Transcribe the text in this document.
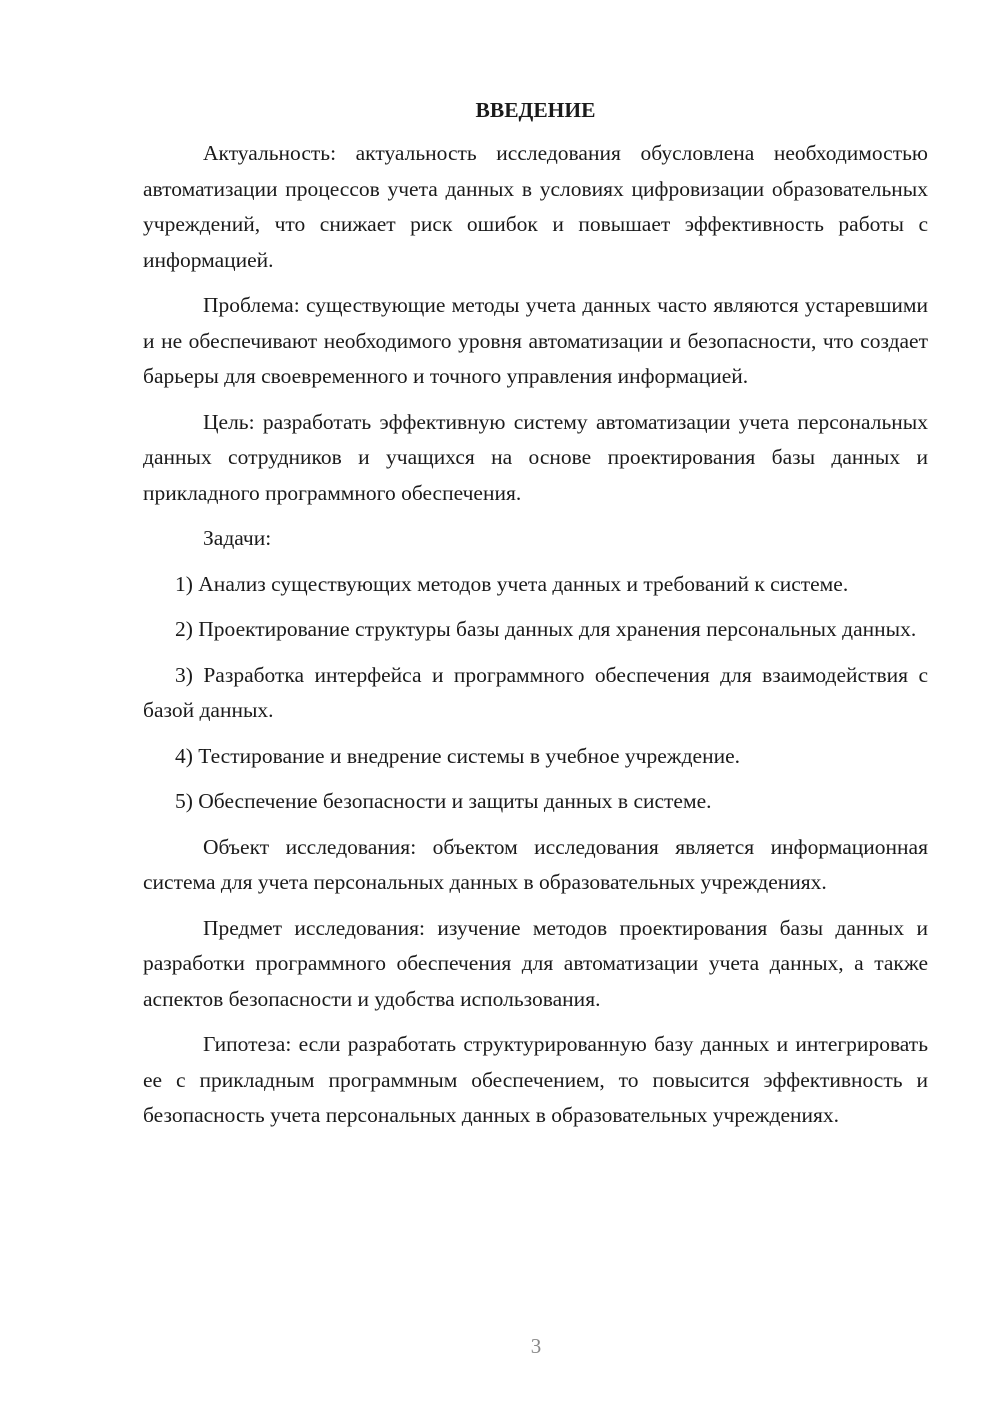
ВВЕДЕНИЕ

Актуальность: актуальность исследования обусловлена необходимостью автоматизации процессов учета данных в условиях цифровизации образовательных учреждений, что снижает риск ошибок и повышает эффективность работы с информацией.

Проблема: существующие методы учета данных часто являются устаревшими и не обеспечивают необходимого уровня автоматизации и безопасности, что создает барьеры для своевременного и точного управления информацией.

Цель: разработать эффективную систему автоматизации учета персональных данных сотрудников и учащихся на основе проектирования базы данных и прикладного программного обеспечения.

Задачи:

1) Анализ существующих методов учета данных и требований к системе.

2) Проектирование структуры базы данных для хранения персональных данных.

3) Разработка интерфейса и программного обеспечения для взаимодействия с базой данных.

4) Тестирование и внедрение системы в учебное учреждение.

5) Обеспечение безопасности и защиты данных в системе.

Объект исследования: объектом исследования является информационная система для учета персональных данных в образовательных учреждениях.

Предмет исследования: изучение методов проектирования базы данных и разработки программного обеспечения для автоматизации учета данных, а также аспектов безопасности и удобства использования.

Гипотеза: если разработать структурированную базу данных и интегрировать ее с прикладным программным обеспечением, то повысится эффективность и безопасность учета персональных данных в образовательных учреждениях.

3
